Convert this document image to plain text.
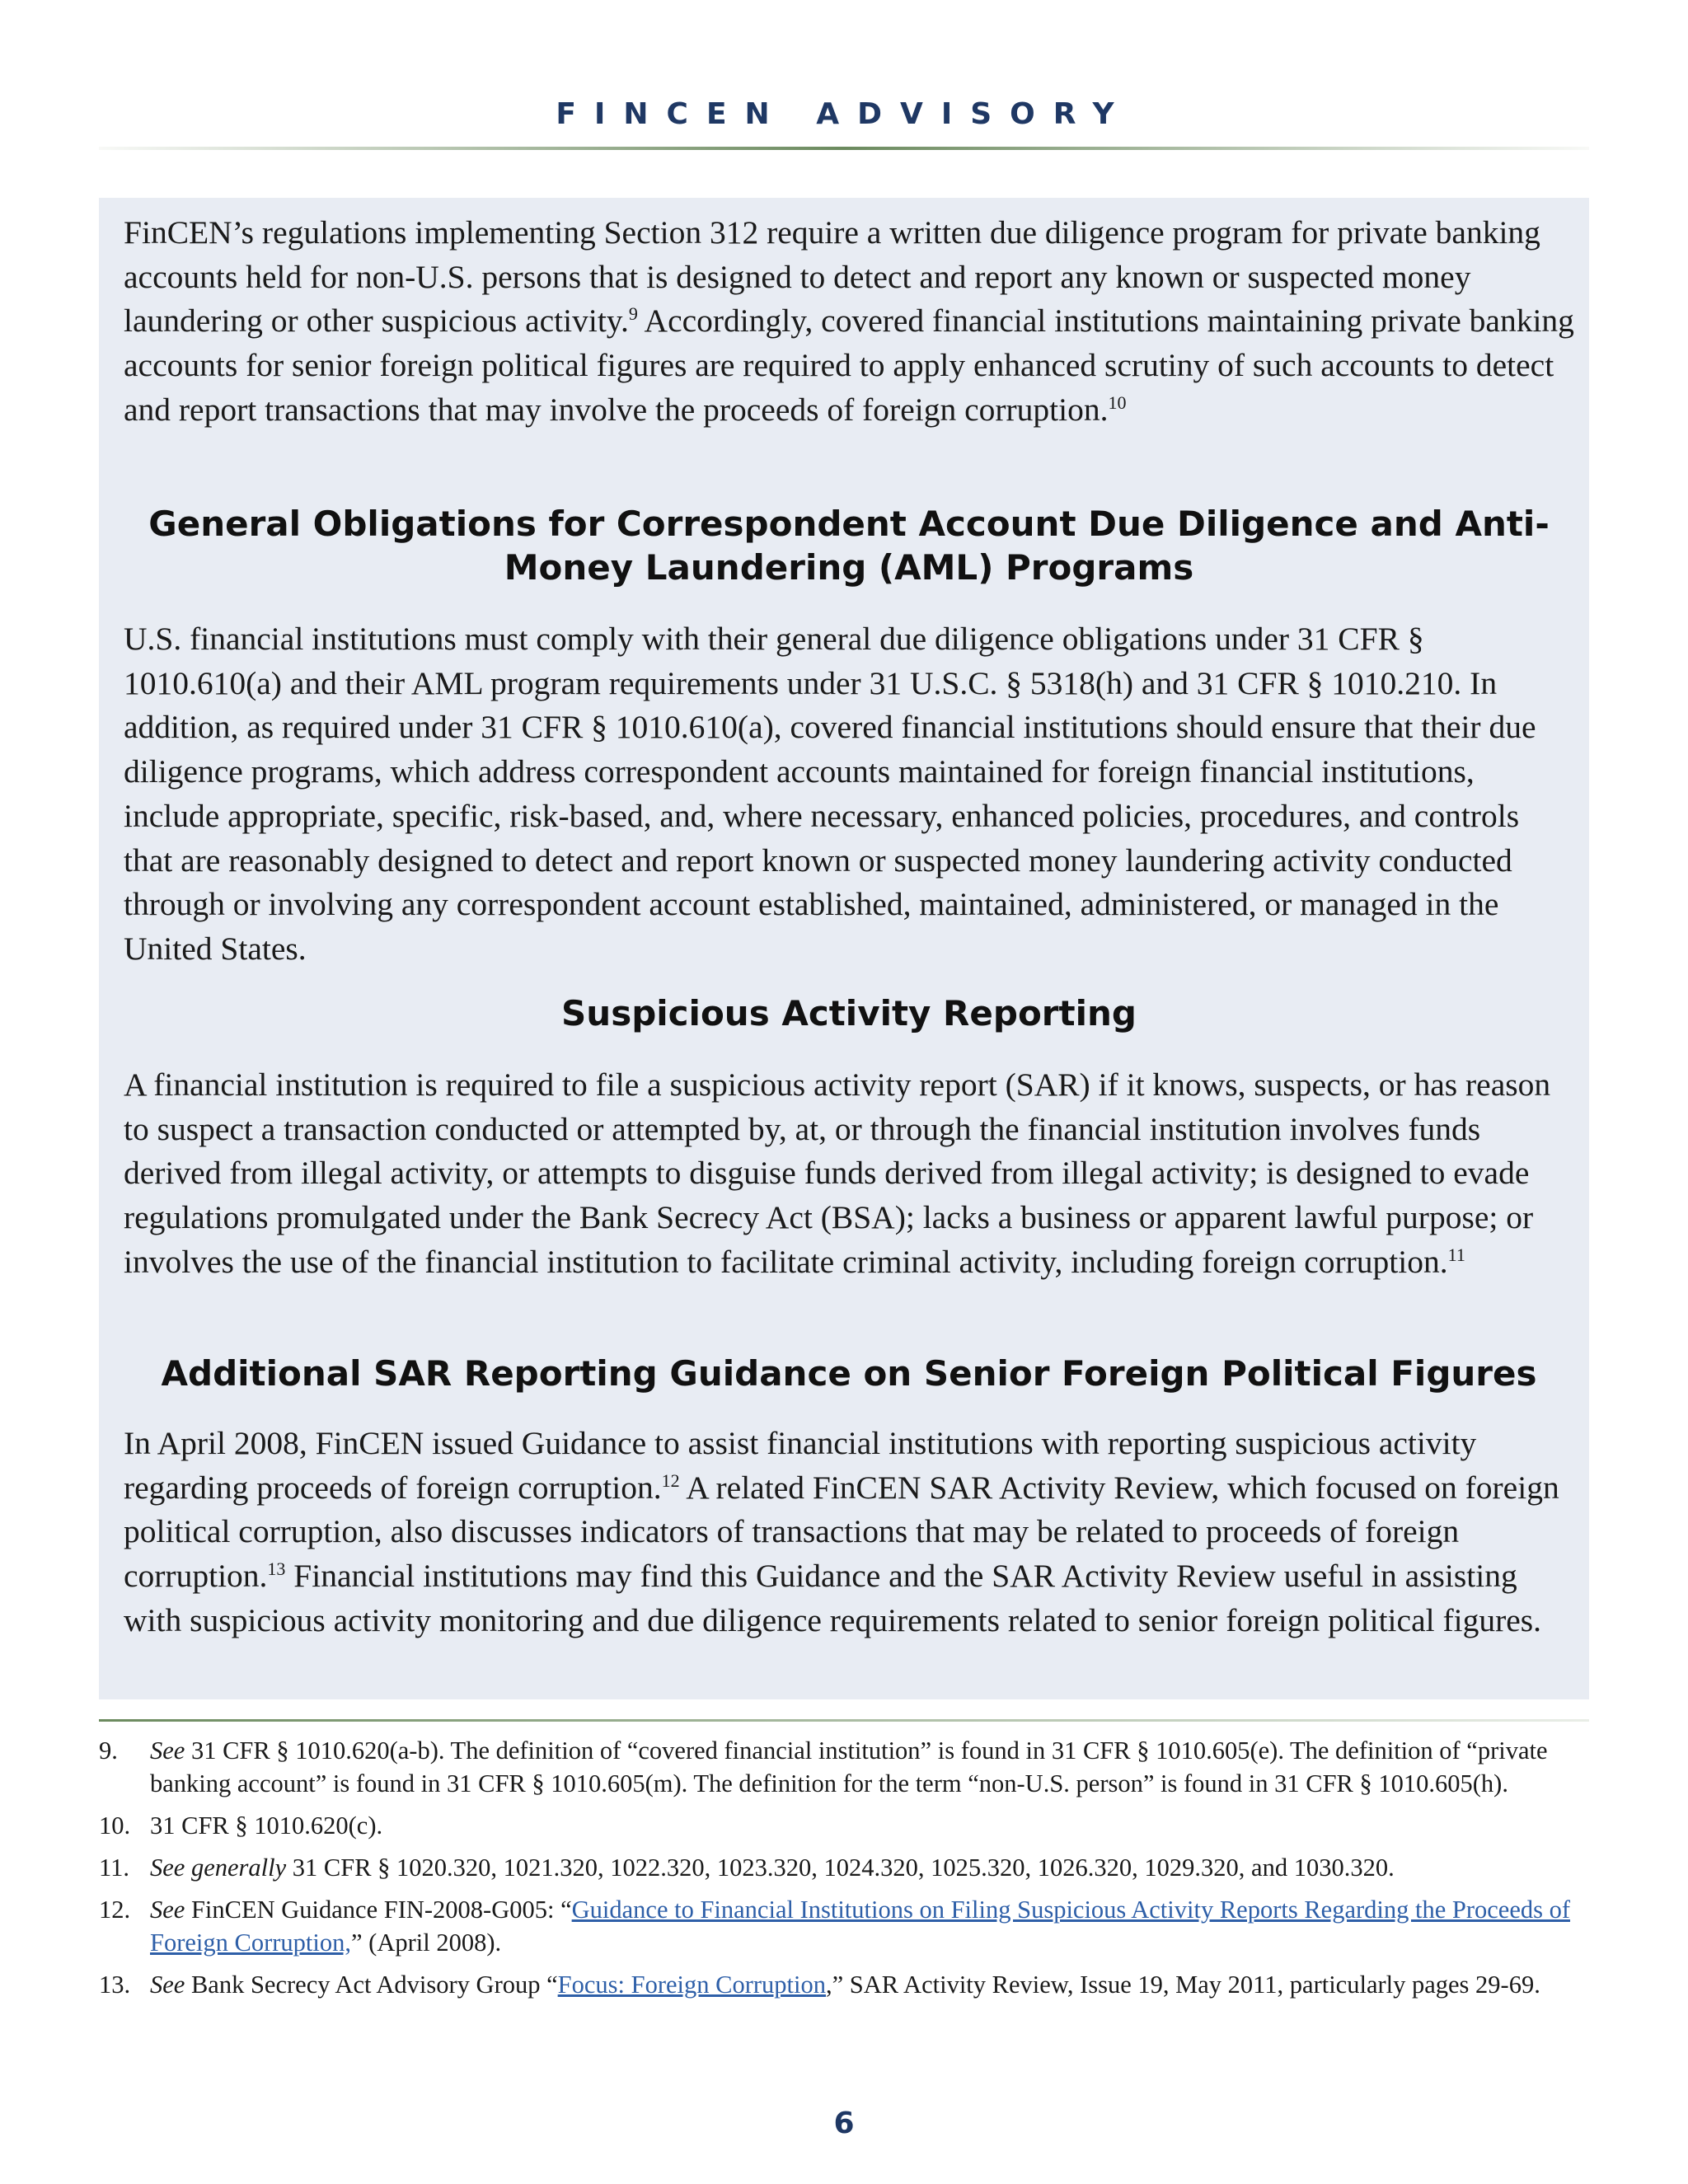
FINCEN ADVISORY

FinCEN’s regulations implementing Section 312 require a written due diligence program for private banking accounts held for non-U.S. persons that is designed to detect and report any known or suspected money laundering or other suspicious activity.$^9$ Accordingly, covered financial institutions maintaining private banking accounts for senior foreign political figures are required to apply enhanced scrutiny of such accounts to detect and report transactions that may involve the proceeds of foreign corruption.$^{10}$

General Obligations for Correspondent Account Due Diligence and Anti-Money Laundering (AML) Programs

U.S. financial institutions must comply with their general due diligence obligations under 31 CFR § 1010.610(a) and their AML program requirements under 31 U.S.C. § 5318(h) and 31 CFR § 1010.210. In addition, as required under 31 CFR § 1010.610(a), covered financial institutions should ensure that their due diligence programs, which address correspondent accounts maintained for foreign financial institutions, include appropriate, specific, risk-based, and, where necessary, enhanced policies, procedures, and controls that are reasonably designed to detect and report known or suspected money laundering activity conducted through or involving any correspondent account established, maintained, administered, or managed in the United States.

Suspicious Activity Reporting

A financial institution is required to file a suspicious activity report (SAR) if it knows, suspects, or has reason to suspect a transaction conducted or attempted by, at, or through the financial institution involves funds derived from illegal activity, or attempts to disguise funds derived from illegal activity; is designed to evade regulations promulgated under the Bank Secrecy Act (BSA); lacks a business or apparent lawful purpose; or involves the use of the financial institution to facilitate criminal activity, including foreign corruption.$^{11}$

Additional SAR Reporting Guidance on Senior Foreign Political Figures

In April 2008, FinCEN issued Guidance to assist financial institutions with reporting suspicious activity regarding proceeds of foreign corruption.$^{12}$ A related FinCEN SAR Activity Review, which focused on foreign political corruption, also discusses indicators of transactions that may be related to proceeds of foreign corruption.$^{13}$ Financial institutions may find this Guidance and the SAR Activity Review useful in assisting with suspicious activity monitoring and due diligence requirements related to senior foreign political figures.

9.	See 31 CFR § 1010.620(a-b). The definition of “covered financial institution” is found in 31 CFR § 1010.605(e). The definition of “private banking account” is found in 31 CFR § 1010.605(m). The definition for the term “non-U.S. person” is found in 31 CFR § 1010.605(h).
10. 31 CFR § 1010.620(c).
11. See generally 31 CFR § 1020.320, 1021.320, 1022.320, 1023.320, 1024.320, 1025.320, 1026.320, 1029.320, and 1030.320.
12. See FinCEN Guidance FIN-2008-G005: “Guidance to Financial Institutions on Filing Suspicious Activity Reports Regarding the Proceeds of Foreign Corruption,” (April 2008).
13. See Bank Secrecy Act Advisory Group “Focus: Foreign Corruption,” SAR Activity Review, Issue 19, May 2011, particularly pages 29-69.
6
